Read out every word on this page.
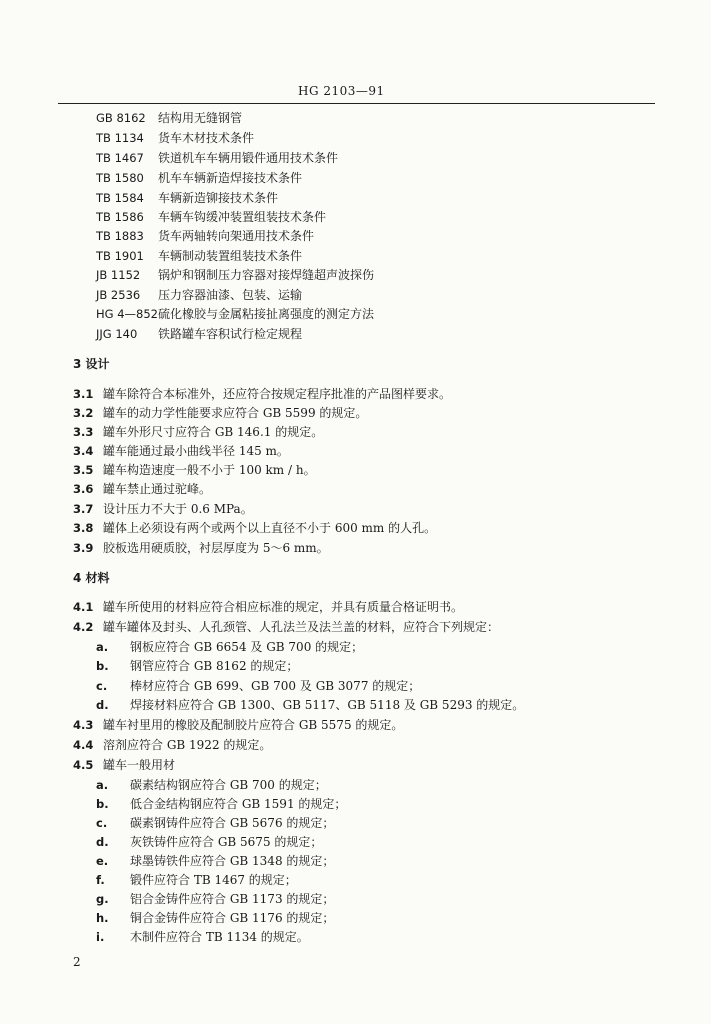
HG 2103—91
GB 8162 结构用无缝钢管
TB 1134 货车木材技术条件
TB 1467 铁道机车车辆用锻件通用技术条件
TB 1580 机车车辆新造焊接技术条件
TB 1584 车辆新造铆接技术条件
TB 1586 车辆车钩缓冲装置组装技术条件
TB 1883 货车两轴转向架通用技术条件
TB 1901 车辆制动装置组装技术条件
JB 1152 锅炉和钢制压力容器对接焊缝超声波探伤
JB 2536 压力容器油漆、包装、运输
HG 4—852硫化橡胶与金属粘接扯离强度的测定方法
JJG 140 铁路罐车容积试行检定规程
3 设计
3.1 罐车除符合本标准外，还应符合按规定程序批准的产品图样要求。
3.2 罐车的动力学性能要求应符合 GB 5599 的规定。
3.3 罐车外形尺寸应符合 GB 146.1 的规定。
3.4 罐车能通过最小曲线半径 145 m。
3.5 罐车构造速度一般不小于 100 km / h。
3.6 罐车禁止通过驼峰。
3.7 设计压力不大于 0.6 MPa。
3.8 罐体上必须设有两个或两个以上直径不小于 600 mm 的人孔。
3.9 胶板选用硬质胶，衬层厚度为 5～6 mm。
4 材料
4.1 罐车所使用的材料应符合相应标准的规定，并具有质量合格证明书。
4.2 罐车罐体及封头、人孔颈管、人孔法兰及法兰盖的材料，应符合下列规定：
a. 钢板应符合 GB 6654 及 GB 700 的规定；
b. 钢管应符合 GB 8162 的规定；
c. 棒材应符合 GB 699、GB 700 及 GB 3077 的规定；
d. 焊接材料应符合 GB 1300、GB 5117、GB 5118 及 GB 5293 的规定。
4.3 罐车衬里用的橡胶及配制胶片应符合 GB 5575 的规定。
4.4 溶剂应符合 GB 1922 的规定。
4.5 罐车一般用材
a. 碳素结构钢应符合 GB 700 的规定；
b. 低合金结构钢应符合 GB 1591 的规定；
c. 碳素钢铸件应符合 GB 5676 的规定；
d. 灰铁铸件应符合 GB 5675 的规定；
e. 球墨铸铁件应符合 GB 1348 的规定；
f. 锻件应符合 TB 1467 的规定；
g. 铝合金铸件应符合 GB 1173 的规定；
h. 铜合金铸件应符合 GB 1176 的规定；
i. 木制件应符合 TB 1134 的规定。
2
